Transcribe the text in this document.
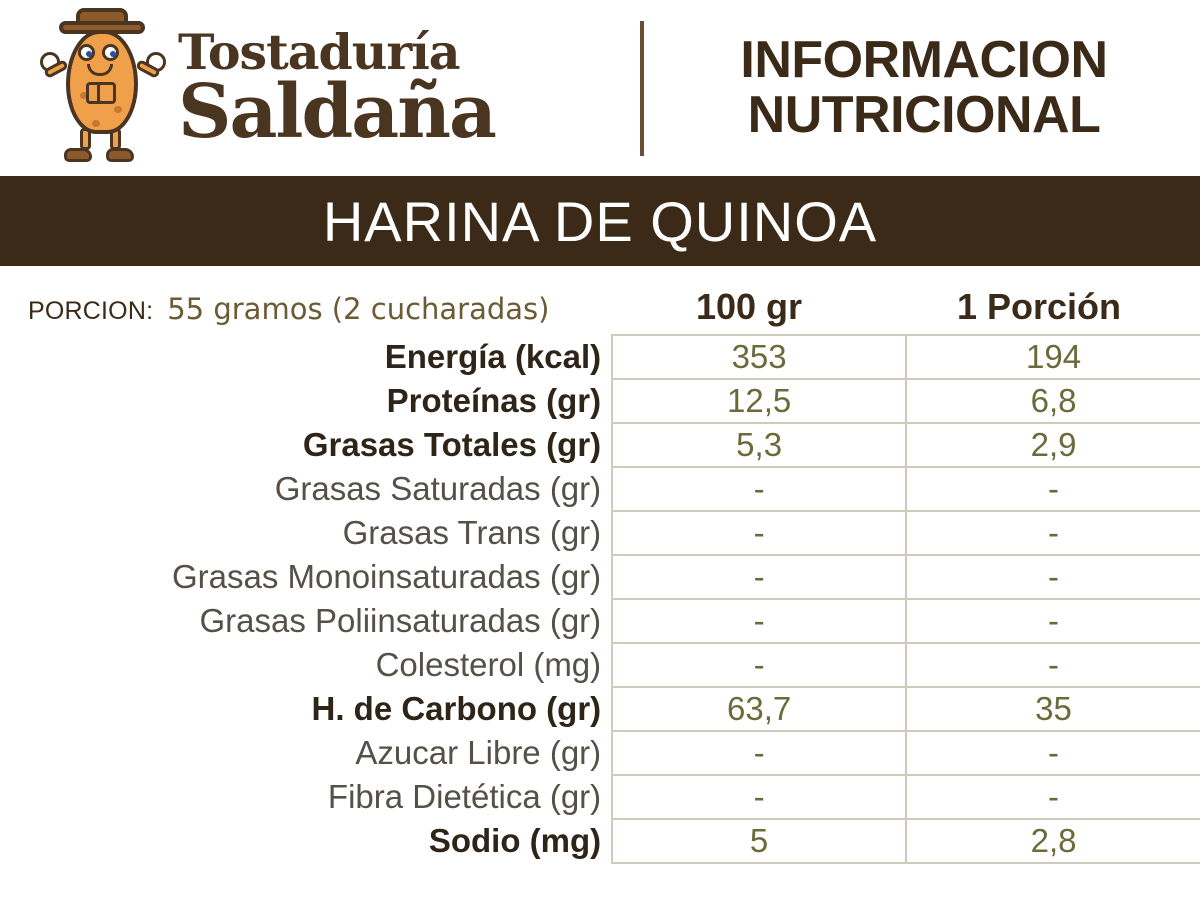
Tostaduría
Saldaña
INFORMACION
NUTRICIONAL
HARINA DE QUINOA
PORCION: 55 gramos (2 cucharadas)	100 gr	1 Porción
Energía (kcal)	353	194
Proteínas (gr)	12,5	6,8
Grasas Totales (gr)	5,3	2,9
Grasas Saturadas (gr)	-	-
Grasas Trans (gr)	-	-
Grasas Monoinsaturadas (gr)	-	-
Grasas Poliinsaturadas (gr)	-	-
Colesterol (mg)	-	-
H. de Carbono (gr)	63,7	35
Azucar Libre (gr)	-	-
Fibra Dietética (gr)	-	-
Sodio (mg)	5	2,8
